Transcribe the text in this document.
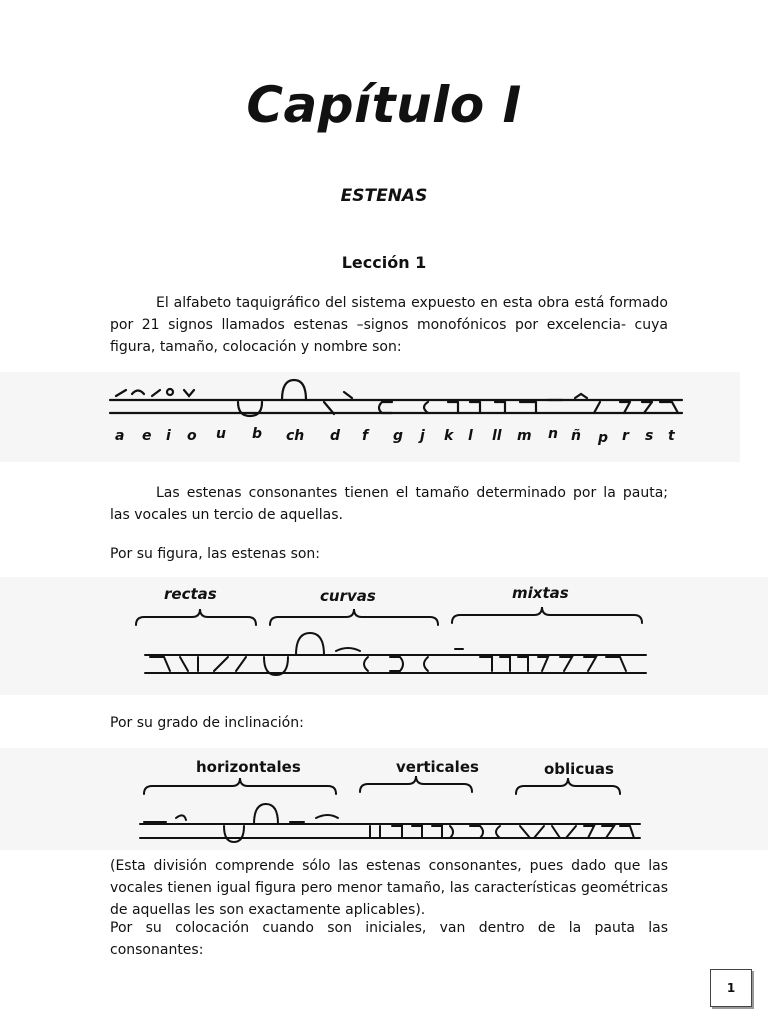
Capítulo I
ESTENAS
Lección 1
El alfabeto taquigráfico del sistema expuesto en esta obra está formado por 21 signos llamados estenas –signos monofónicos por excelencia- cuya figura, tamaño, colocación y nombre son:
a e i o u b ch d f g j k l ll m n ñ p r s t
Las estenas consonantes tienen el tamaño determinado por la pauta; las vocales un tercio de aquellas.
Por su figura, las estenas son:
rectas	curvas	mixtas
Por su grado de inclinación:
horizontales	verticales	oblicuas
(Esta división comprende sólo las estenas consonantes, pues dado que las vocales tienen igual figura pero menor tamaño, las características geométricas de aquellas les son exactamente aplicables).
Por su colocación cuando son iniciales, van dentro de la pauta las consonantes:
1
